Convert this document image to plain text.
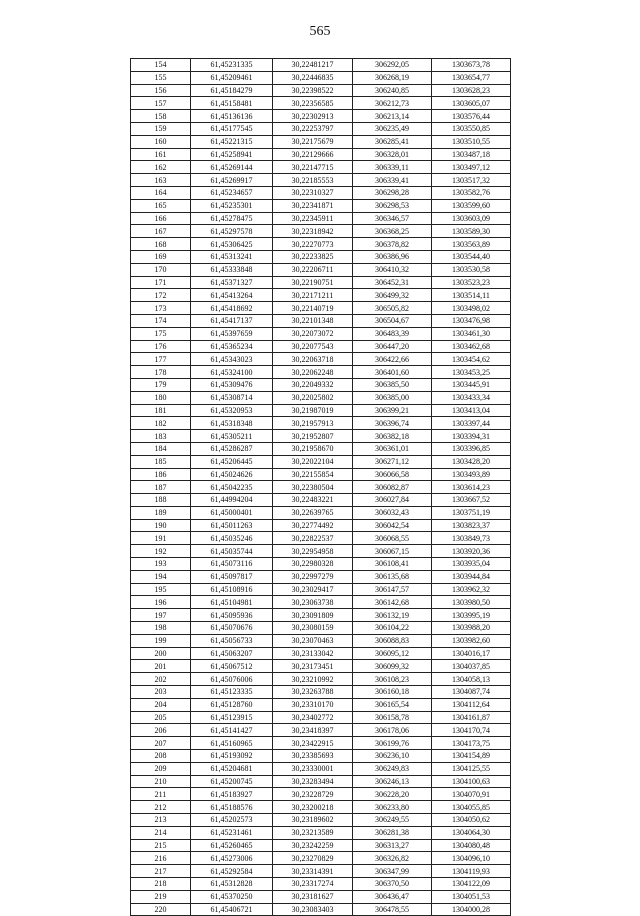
565
154	61,45231335	30,22481217	306292,05	1303673,78
155	61,45209461	30,22446835	306268,19	1303654,77
156	61,45184279	30,22398522	306240,85	1303628,23
157	61,45158481	30,22356585	306212,73	1303605,07
158	61,45136136	30,22302913	306213,14	1303576,44
159	61,45177545	30,22253797	306235,49	1303550,85
160	61,45221315	30,22175679	306285,41	1303510,55
161	61,45258941	30,22129666	306328,01	1303487,18
162	61,45269144	30,22147715	306339,11	1303497,12
163	61,45269917	30,22185553	306339,41	1303517,32
164	61,45234657	30,22310327	306298,28	1303582,76
165	61,45235301	30,22341871	306298,53	1303599,60
166	61,45278475	30,22345911	306346,57	1303603,09
167	61,45297578	30,22318942	306368,25	1303589,30
168	61,45306425	30,22270773	306378,82	1303563,89
169	61,45313241	30,22233825	306386,96	1303544,40
170	61,45333848	30,22206711	306410,32	1303530,58
171	61,45371327	30,22190751	306452,31	1303523,23
172	61,45413264	30,22171211	306499,32	1303514,11
173	61,45418692	30,22140719	306505,82	1303498,02
174	61,45417137	30,22101348	306504,67	1303476,98
175	61,45397659	30,22073072	306483,39	1303461,30
176	61,45365234	30,22077543	306447,20	1303462,68
177	61,45343023	30,22063718	306422,66	1303454,62
178	61,45324100	30,22062248	306401,60	1303453,25
179	61,45309476	30,22049332	306385,50	1303445,91
180	61,45308714	30,22025802	306385,00	1303433,34
181	61,45320953	30,21987019	306399,21	1303413,04
182	61,45318348	30,21957913	306396,74	1303397,44
183	61,45305211	30,21952807	306382,18	1303394,31
184	61,45286287	30,21958670	306361,01	1303396,85
185	61,45206445	30,22022104	306271,12	1303428,20
186	61,45024626	30,22155854	306066,58	1303493,89
187	61,45042235	30,22380504	306082,87	1303614,23
188	61,44994204	30,22483221	306027,84	1303667,52
189	61,45000401	30,22639765	306032,43	1303751,19
190	61,45011263	30,22774492	306042,54	1303823,37
191	61,45035246	30,22822537	306068,55	1303849,73
192	61,45035744	30,22954958	306067,15	1303920,36
193	61,45073116	30,22980328	306108,41	1303935,04
194	61,45097817	30,22997279	306135,68	1303944,84
195	61,45108916	30,23029417	306147,57	1303962,32
196	61,45104981	30,23063738	306142,68	1303980,50
197	61,45095936	30,23091809	306132,19	1303995,19
198	61,45070676	30,23080159	306104,22	1303988,20
199	61,45056733	30,23070463	306088,83	1303982,60
200	61,45063207	30,23133042	306095,12	1304016,17
201	61,45067512	30,23173451	306099,32	1304037,85
202	61,45076006	30,23210992	306108,23	1304058,13
203	61,45123335	30,23263788	306160,18	1304087,74
204	61,45128760	30,23310170	306165,54	1304112,64
205	61,45123915	30,23402772	306158,78	1304161,87
206	61,45141427	30,23418397	306178,06	1304170,74
207	61,45160965	30,23422915	306199,76	1304173,75
208	61,45193092	30,23385693	306236,10	1304154,89
209	61,45204681	30,23330001	306249,83	1304125,55
210	61,45200745	30,23283494	306246,13	1304100,63
211	61,45183927	30,23228729	306228,20	1304070,91
212	61,45188576	30,23200218	306233,80	1304055,85
213	61,45202573	30,23189602	306249,55	1304050,62
214	61,45231461	30,23213589	306281,38	1304064,30
215	61,45260465	30,23242259	306313,27	1304080,48
216	61,45273006	30,23270829	306326,82	1304096,10
217	61,45292584	30,23314391	306347,99	1304119,93
218	61,45312828	30,23317274	306370,50	1304122,09
219	61,45370250	30,23181627	306436,47	1304051,53
220	61,45406721	30,23083403	306478,55	1304000,28
